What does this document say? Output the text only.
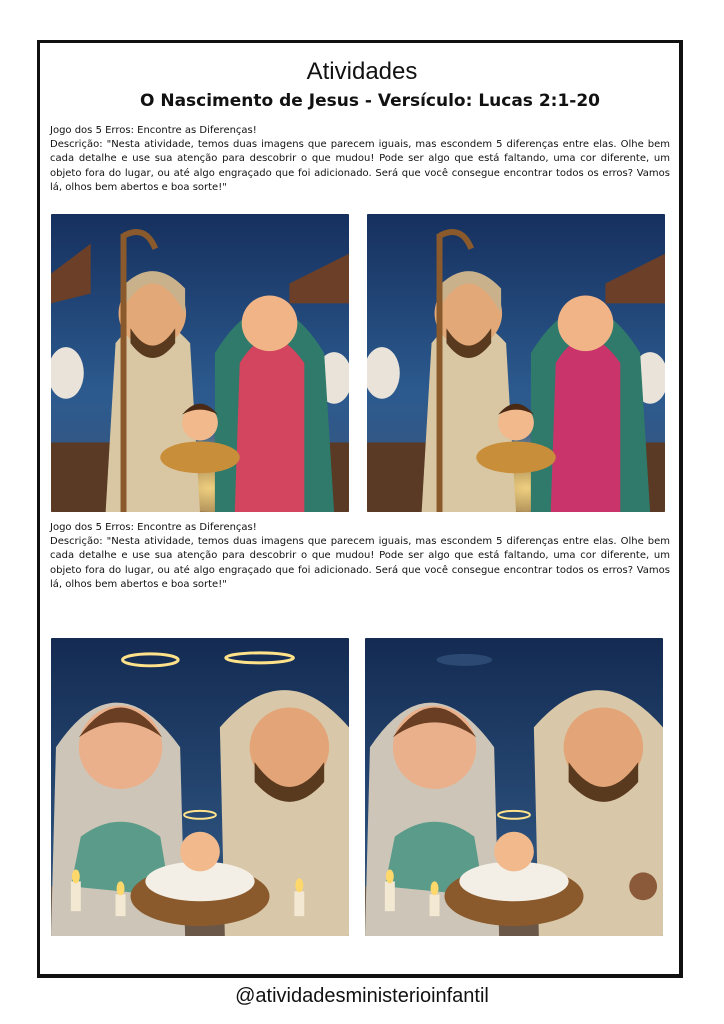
Atividades
O Nascimento de Jesus - Versículo: Lucas 2:1-20

Jogo dos 5 Erros: Encontre as Diferenças!

Descrição: "Nesta atividade, temos duas imagens que parecem iguais, mas escondem 5 diferenças entre elas. Olhe bem cada detalhe e use sua atenção para descobrir o que mudou! Pode ser algo que está faltando, uma cor diferente, um objeto fora do lugar, ou até algo engraçado que foi adicionado. Será que você consegue encontrar todos os erros? Vamos lá, olhos bem abertos e boa sorte!"

Jogo dos 5 Erros: Encontre as Diferenças!

Descrição: "Nesta atividade, temos duas imagens que parecem iguais, mas escondem 5 diferenças entre elas. Olhe bem cada detalhe e use sua atenção para descobrir o que mudou! Pode ser algo que está faltando, uma cor diferente, um objeto fora do lugar, ou até algo engraçado que foi adicionado. Será que você consegue encontrar todos os erros? Vamos lá, olhos bem abertos e boa sorte!"

@atividadesministerioinfantil
